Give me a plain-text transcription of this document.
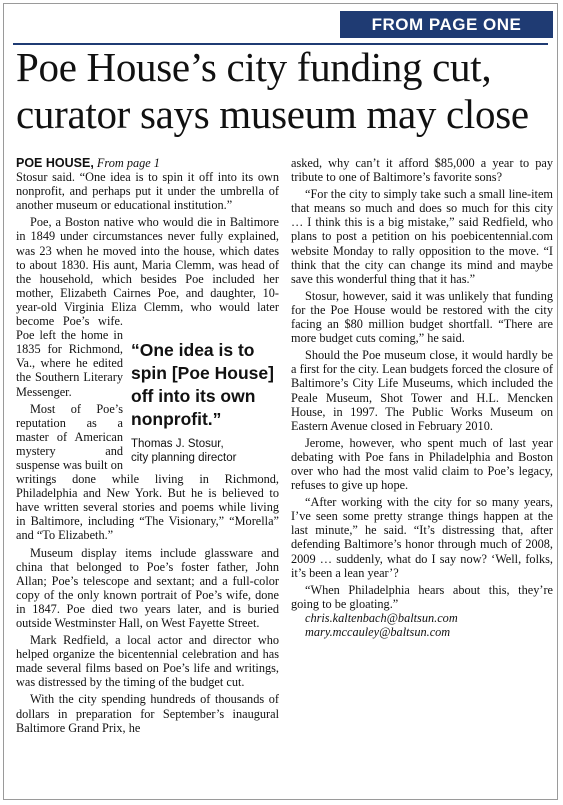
FROM PAGE ONE
Poe House’s city funding cut, curator says museum may close

POE HOUSE, From page 1
Stosur said. “One idea is to spin it off into its own nonprofit, and perhaps put it under the umbrella of another museum or educational institution.”

“One idea is to spin [Poe House] off into its own nonprofit.”
Thomas J. Stosur,
city planning director
Poe, a Boston native who would die in Baltimore in 1849 under circumstances never fully explained, was 23 when he moved into the house, which dates to about 1830. His aunt, Maria Clemm, was head of the household, which besides Poe included her mother, Elizabeth Cairnes Poe, and daughter, 10-year-old Virginia Eliza Clemm, who would later become Poe’s wife. Poe left the home in 1835 for Richmond, Va., where he edited the Southern Literary Messenger.

Most of Poe’s reputation as a master of American mystery and suspense was built on writings done while living in Richmond, Philadelphia and New York. But he is believed to have written several stories and poems while living in Baltimore, including “The Visionary,” “Morella” and “To Elizabeth.”

Museum display items include glassware and china that belonged to Poe’s foster father, John Allan; Poe’s telescope and sextant; and a full-color copy of the only known portrait of Poe’s wife, done in 1847. Poe died two years later, and is buried outside Westminster Hall, on West Fayette Street.

Mark Redfield, a local actor and director who helped organize the bicentennial celebration and has made several films based on Poe’s life and writings, was distressed by the timing of the budget cut.

With the city spending hundreds of thousands of dollars in preparation for September’s inaugural Baltimore Grand Prix, he

asked, why can’t it afford $85,000 a year to pay tribute to one of Baltimore’s favorite sons?

“For the city to simply take such a small line-item that means so much and does so much for this city … I think this is a big mistake,” said Redfield, who plans to post a petition on his poebicentennial.com website Monday to rally opposition to the move. “I think that the city can change its mind and maybe save this wonderful thing that it has.”

Stosur, however, said it was unlikely that funding for the Poe House would be restored with the city facing an $80 million budget shortfall. “There are more budget cuts coming,” he said.

Should the Poe museum close, it would hardly be a first for the city. Lean budgets forced the closure of Baltimore’s City Life Museums, which included the Peale Museum, Shot Tower and H.L. Mencken House, in 1997. The Public Works Museum on Eastern Avenue closed in February 2010.

Jerome, however, who spent much of last year debating with Poe fans in Philadelphia and Boston over who had the most valid claim to Poe’s legacy, refuses to give up hope.

“After working with the city for so many years, I’ve seen some pretty strange things happen at the last minute,” he said. “It’s distressing that, after defending Baltimore’s honor through much of 2008, 2009 … suddenly, what do I say now? ‘Well, folks, it’s been a lean year’?

“When Philadelphia hears about this, they’re going to be gloating.”

chris.kaltenbach@baltsun.com
mary.mccauley@baltsun.com
